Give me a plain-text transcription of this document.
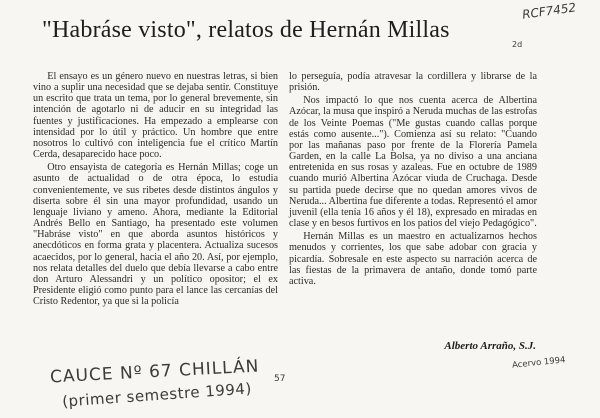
RCF7452
2d
"Habráse visto", relatos de Hernán Millas

El ensayo es un género nuevo en nuestras letras, si bien vino a suplir una necesidad que se dejaba sentir. Constituye un escrito que trata un tema, por lo general brevemente, sin intención de agotarlo ni de aducir en su integridad las fuentes y justificaciones. Ha empezado a emplearse con intensidad por lo útil y práctico. Un hombre que entre nosotros lo cultivó con inteligencia fue el crítico Martín Cerda, desaparecido hace poco.

Otro ensayista de categoría es Hernán Millas; coge un asunto de actualidad o de otra época, lo estudia convenientemente, ve sus ribetes desde distintos ángulos y diserta sobre él sin una mayor profundidad, usando un lenguaje liviano y ameno. Ahora, mediante la Editorial Andrés Bello en Santiago, ha presentado este volumen "Habráse visto" en que aborda asuntos históricos y anecdóticos en forma grata y placentera. Actualiza sucesos acaecidos, por lo general, hacia el año 20. Así, por ejemplo, nos relata detalles del duelo que debía llevarse a cabo entre don Arturo Alessandri y un político opositor; el ex Presidente eligió como punto para el lance las cercanías del Cristo Redentor, ya que si la policía

lo perseguía, podía atravesar la cordillera y librarse de la prisión.

Nos impactó lo que nos cuenta acerca de Albertina Azócar, la musa que inspiró a Neruda muchas de las estrofas de los Veinte Poemas ("Me gustas cuando callas porque estás como ausente..."). Comienza así su relato: "Cuando por las mañanas paso por frente de la Florería Pamela Garden, en la calle La Bolsa, ya no diviso a una anciana entretenida en sus rosas y azaleas. Fue en octubre de 1989 cuando murió Albertina Azócar viuda de Cruchaga. Desde su partida puede decirse que no quedan amores vivos de Neruda... Albertina fue diferente a todas. Representó el amor juvenil (ella tenía 16 años y él 18), expresado en miradas en clase y en besos furtivos en los patios del viejo Pedagógico".

Hernán Millas es un maestro en actualizarnos hechos menudos y corrientes, los que sabe adobar con gracia y picardía. Sobresale en este aspecto su narración acerca de las fiestas de la primavera de antaño, donde tomó parte activa.

Alberto Arraño, S.J.
CAUCE Nº 67 CHILLÁN
(primer semestre 1994)
57
Acervo 1994
